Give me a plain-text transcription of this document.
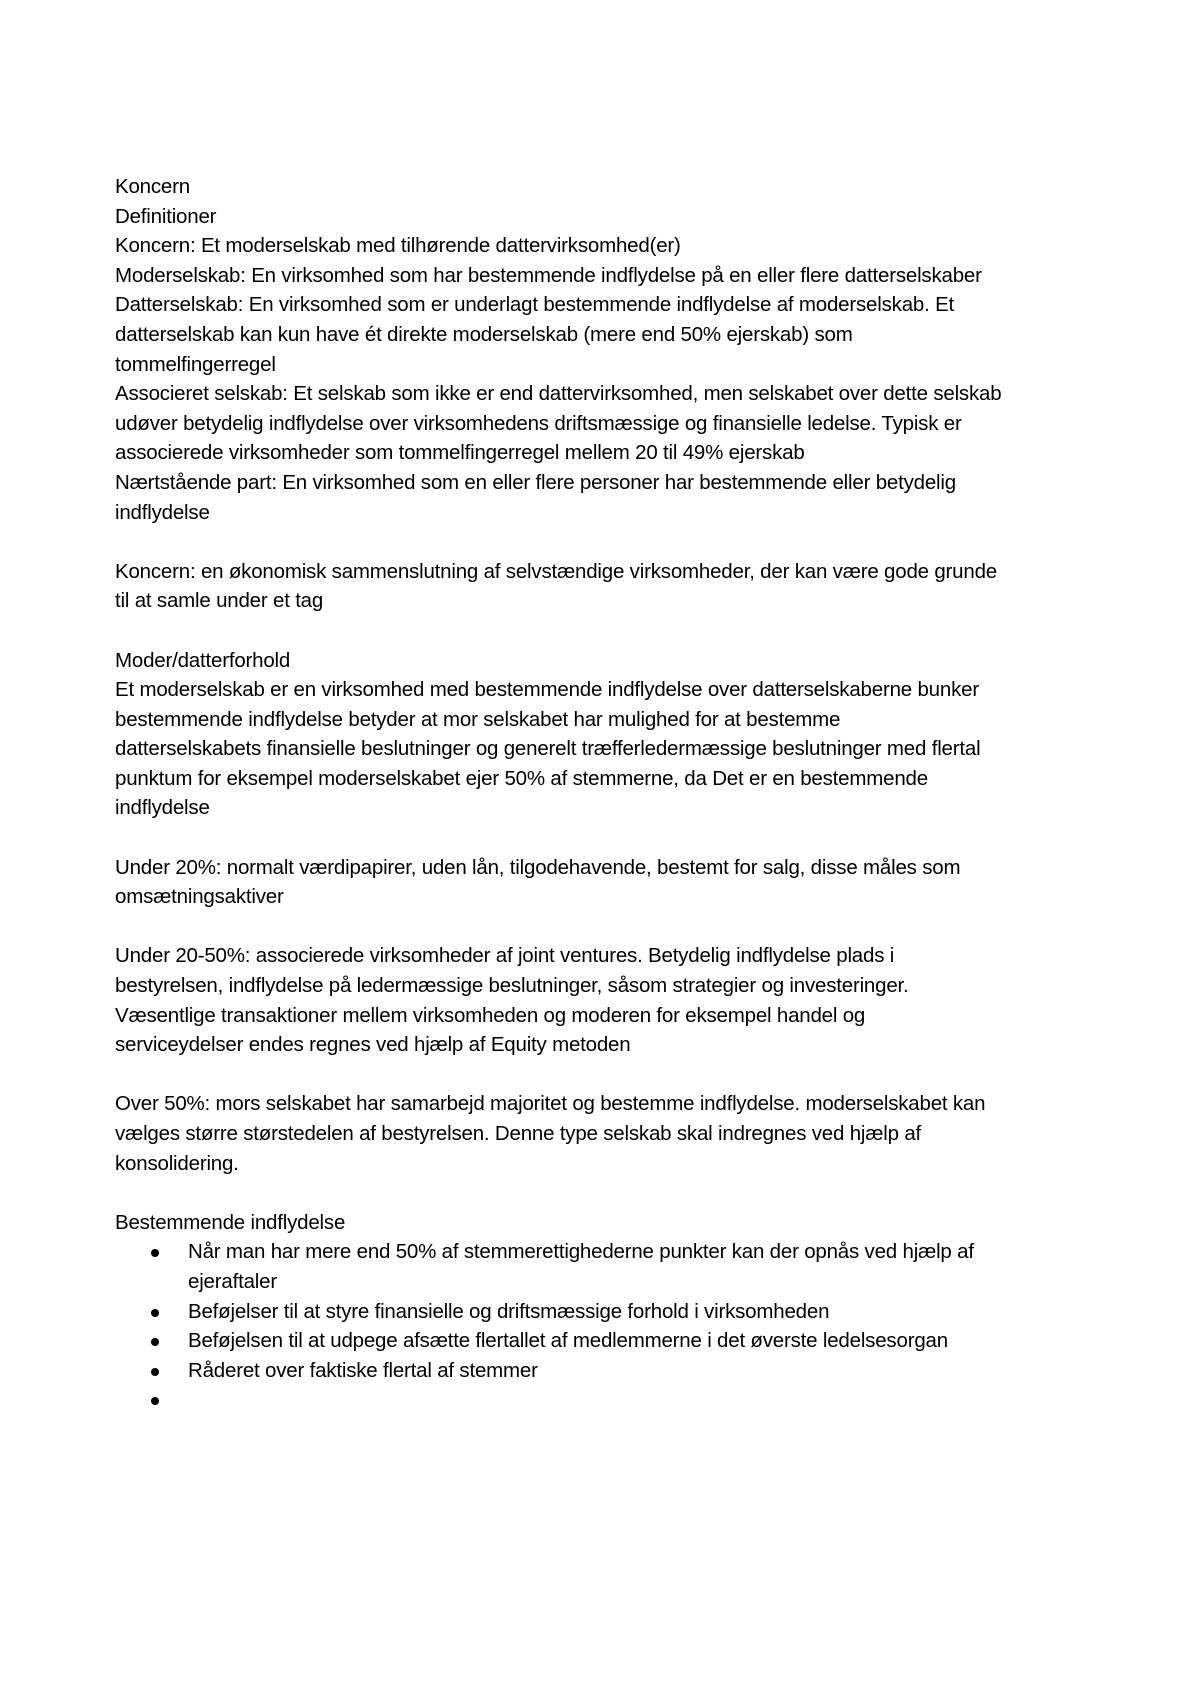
Koncern
Definitioner
Koncern: Et moderselskab med tilhørende dattervirksomhed(er)
Moderselskab: En virksomhed som har bestemmende indflydelse på en eller flere datterselskaber
Datterselskab: En virksomhed som er underlagt bestemmende indflydelse af moderselskab. Et
datterselskab kan kun have ét direkte moderselskab (mere end 50% ejerskab) som
tommelfingerregel
Associeret selskab: Et selskab som ikke er end dattervirksomhed, men selskabet over dette selskab
udøver betydelig indflydelse over virksomhedens driftsmæssige og finansielle ledelse. Typisk er
associerede virksomheder som tommelfingerregel mellem 20 til 49% ejerskab
Nærtstående part: En virksomhed som en eller flere personer har bestemmende eller betydelig
indflydelse
Koncern: en økonomisk sammenslutning af selvstændige virksomheder, der kan være gode grunde
til at samle under et tag
Moder/datterforhold
Et moderselskab er en virksomhed med bestemmende indflydelse over datterselskaberne bunker
bestemmende indflydelse betyder at mor selskabet har mulighed for at bestemme
datterselskabets finansielle beslutninger og generelt træfferledermæssige beslutninger med flertal
punktum for eksempel moderselskabet ejer 50% af stemmerne, da Det er en bestemmende
indflydelse
Under 20%: normalt værdipapirer, uden lån, tilgodehavende, bestemt for salg, disse måles som
omsætningsaktiver
Under 20-50%: associerede virksomheder af joint ventures. Betydelig indflydelse plads i
bestyrelsen, indflydelse på ledermæssige beslutninger, såsom strategier og investeringer.
Væsentlige transaktioner mellem virksomheden og moderen for eksempel handel og
serviceydelser endes regnes ved hjælp af Equity metoden
Over 50%: mors selskabet har samarbejd majoritet og bestemme indflydelse. moderselskabet kan
vælges større størstedelen af bestyrelsen. Denne type selskab skal indregnes ved hjælp af
konsolidering.
Bestemmende indflydelse
Når man har mere end 50% af stemmerettighederne punkter kan der opnås ved hjælp af
ejeraftaler
Beføjelser til at styre finansielle og driftsmæssige forhold i virksomheden
Beføjelsen til at udpege afsætte flertallet af medlemmerne i det øverste ledelsesorgan
Råderet over faktiske flertal af stemmer
